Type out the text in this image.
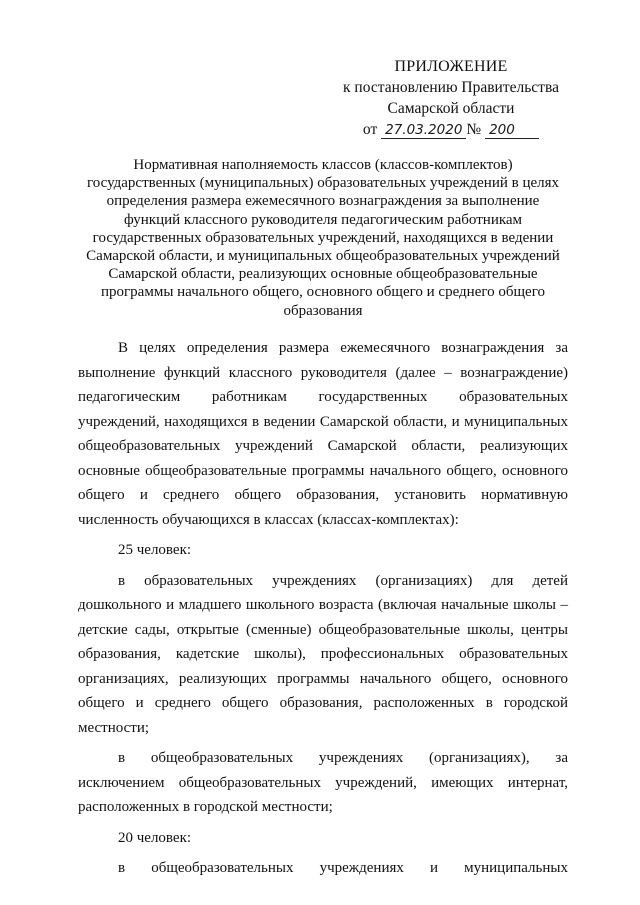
ПРИЛОЖЕНИЕ
к постановлению Правительства
Самарской области
от 27.03.2020 № 200
Нормативная наполняемость классов (классов-комплектов)
государственных (муниципальных) образовательных учреждений в целях
определения размера ежемесячного вознаграждения за выполнение
функций классного руководителя педагогическим работникам
государственных образовательных учреждений, находящихся в ведении
Самарской области, и муниципальных общеобразовательных учреждений
Самарской области, реализующих основные общеобразовательные
программы начального общего, основного общего и среднего общего
образования

В целях определения размера ежемесячного вознаграждения за выполнение функций классного руководителя (далее – вознаграждение) педагогическим работникам государственных образовательных учреждений, находящихся в ведении Самарской области, и муниципальных общеобразовательных учреждений Самарской области, реализующих основные общеобразовательные программы начального общего, основного общего и среднего общего образования, установить нормативную численность обучающихся в классах (классах-комплектах):

25 человек:

в образовательных учреждениях (организациях) для детей дошкольного и младшего школьного возраста (включая начальные школы – детские сады, открытые (сменные) общеобразовательные школы, центры образования, кадетские школы), профессиональных образовательных организациях, реализующих программы начального общего, основного общего и среднего общего образования, расположенных в городской местности;

в общеобразовательных учреждениях (организациях), за исключением общеобразовательных учреждений, имеющих интернат, расположенных в городской местности;

20 человек:

в общеобразовательных учреждениях и муниципальных
